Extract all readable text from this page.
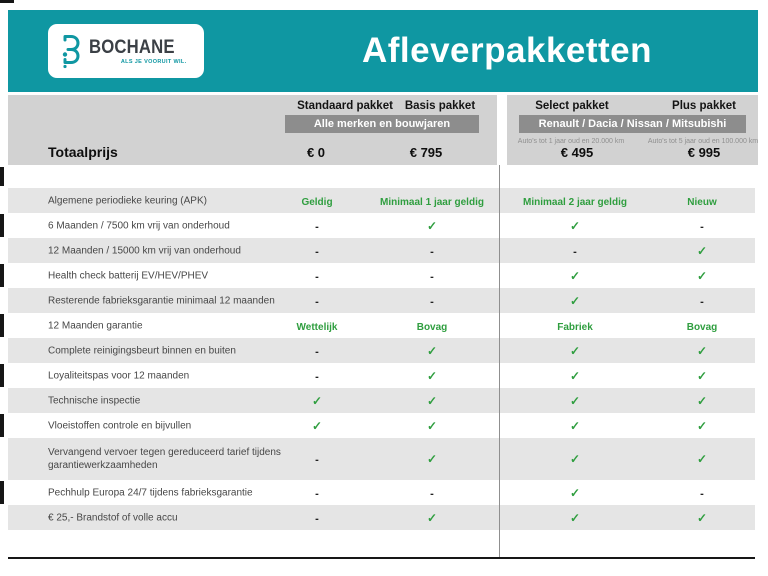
BOCHANE
ALS JE VOORUIT WIL.	Afleverpakketten
Standaard pakket Basis pakket	Select pakket	Plus pakket
Alle merken en bouwjaren	Renault / Dacia / Nissan / Mitsubishi
Auto's tot 1 jaar oud en 20.000 km	Auto's tot 5 jaar oud en 100.000 km
Totaalprijs	€ 0	€ 795	€ 495	€ 995
Algemene periodieke keuring (APK)	Geldig	Minimaal 1 jaar geldig	Minimaal 2 jaar geldig	Nieuw
6 Maanden / 7500 km vrij van onderhoud	-	✓	✓	-
12 Maanden / 15000 km vrij van onderhoud	-	-	-	✓
Health check batterij EV/HEV/PHEV	-	-	✓	✓
Resterende fabrieksgarantie minimaal 12 maanden	-	-	✓	-
12 Maanden garantie	Wettelijk	Bovag	Fabriek	Bovag
Complete reinigingsbeurt binnen en buiten	-	✓	✓	✓
Loyaliteitspas voor 12 maanden	-	✓	✓	✓
Technische inspectie	✓	✓	✓	✓
Vloeistoffen controle en bijvullen	✓	✓	✓	✓
Vervangend vervoer tegen gereduceerd tarief tijdens garantiewerkzaamheden	-	✓	✓	✓
Pechhulp Europa 24/7 tijdens fabrieksgarantie	-	-	✓	-
€ 25,- Brandstof of volle accu	-	✓	✓	✓
